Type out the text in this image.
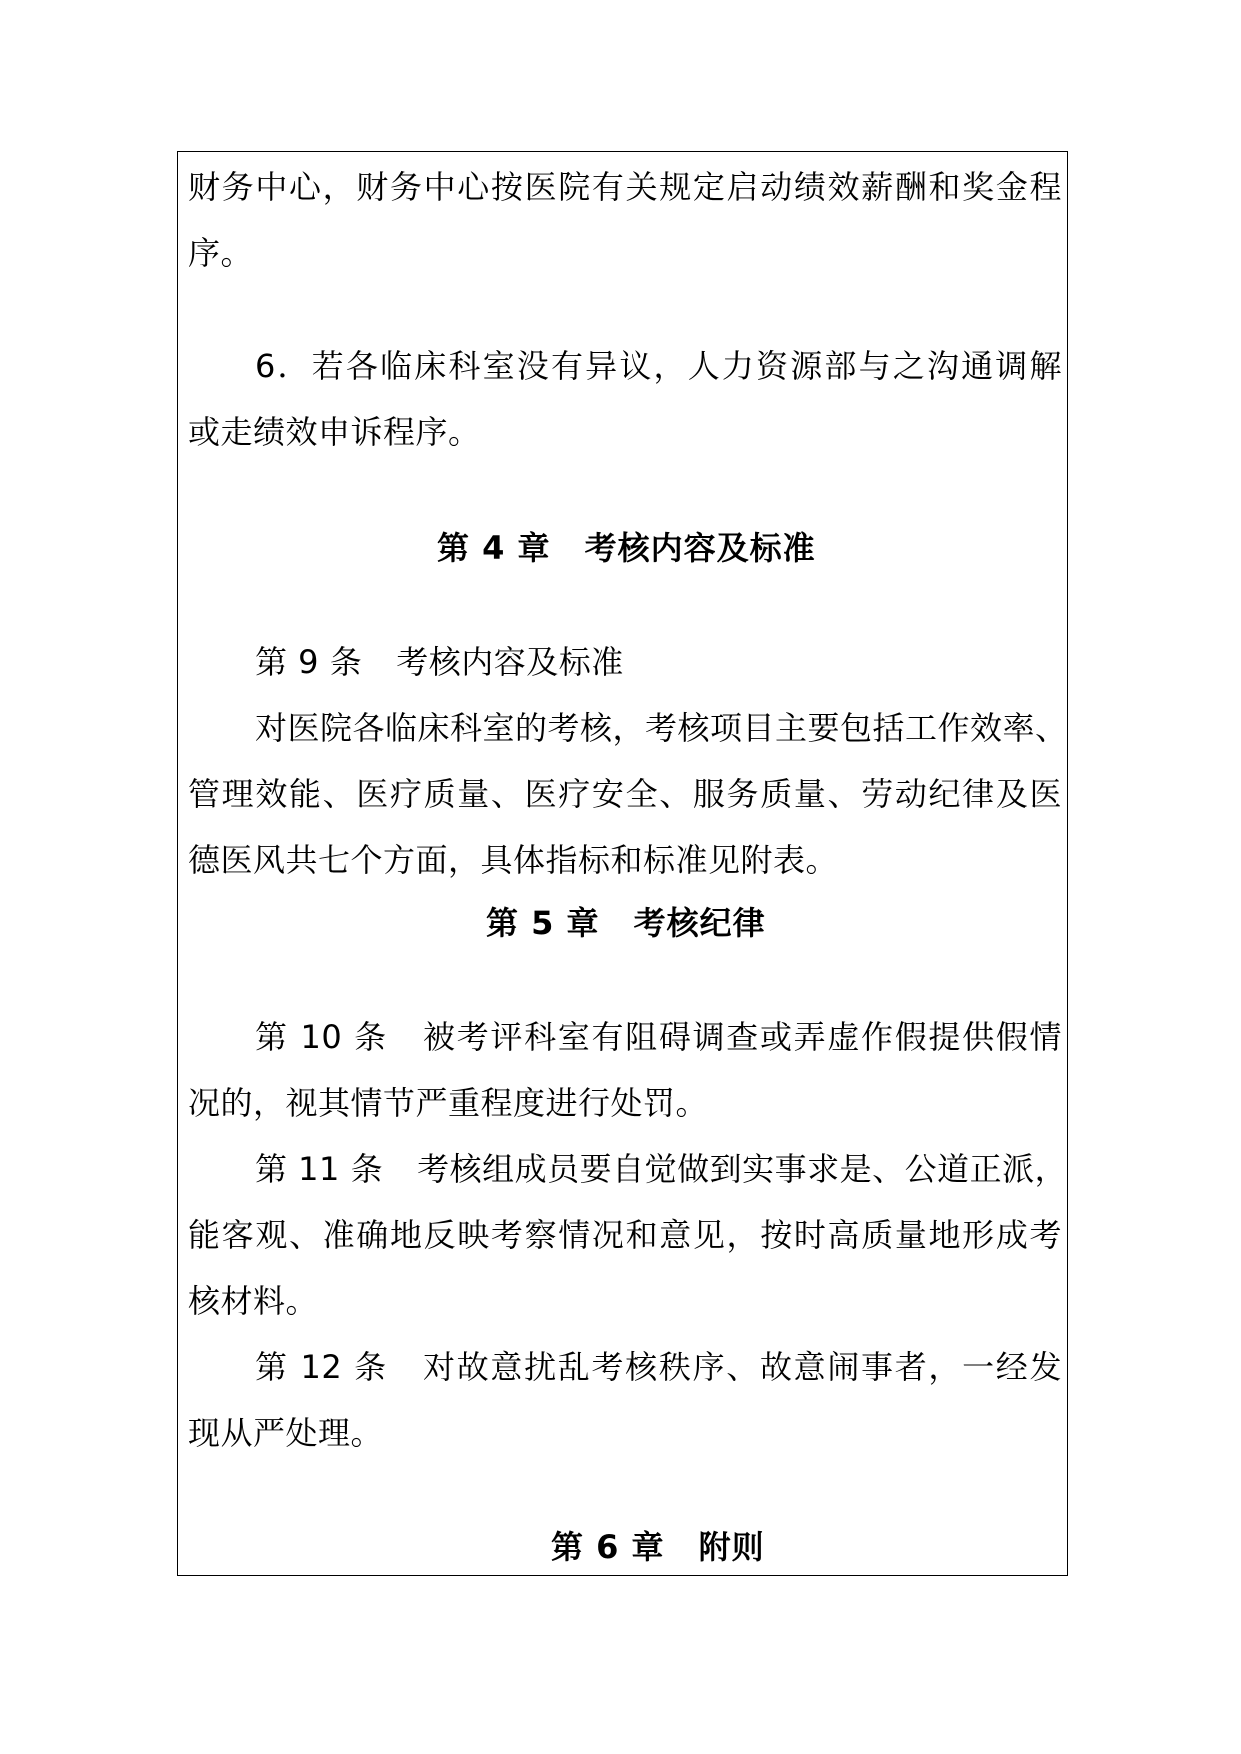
财务中心，财务中心按医院有关规定启动绩效薪酬和奖金程
序。
6．若各临床科室没有异议，人力资源部与之沟通调解
或走绩效申诉程序。
第 4 章 考核内容及标准
第 9 条 考核内容及标准
对医院各临床科室的考核，考核项目主要包括工作效率、
管理效能、医疗质量、医疗安全、服务质量、劳动纪律及医
德医风共七个方面，具体指标和标准见附表。
第 5 章 考核纪律
第 10 条 被考评科室有阻碍调查或弄虚作假提供假情
况的，视其情节严重程度进行处罚。
第 11 条 考核组成员要自觉做到实事求是、公道正派，
能客观、准确地反映考察情况和意见，按时高质量地形成考
核材料。
第 12 条 对故意扰乱考核秩序、故意闹事者，一经发
现从严处理。
第 6 章 附则
